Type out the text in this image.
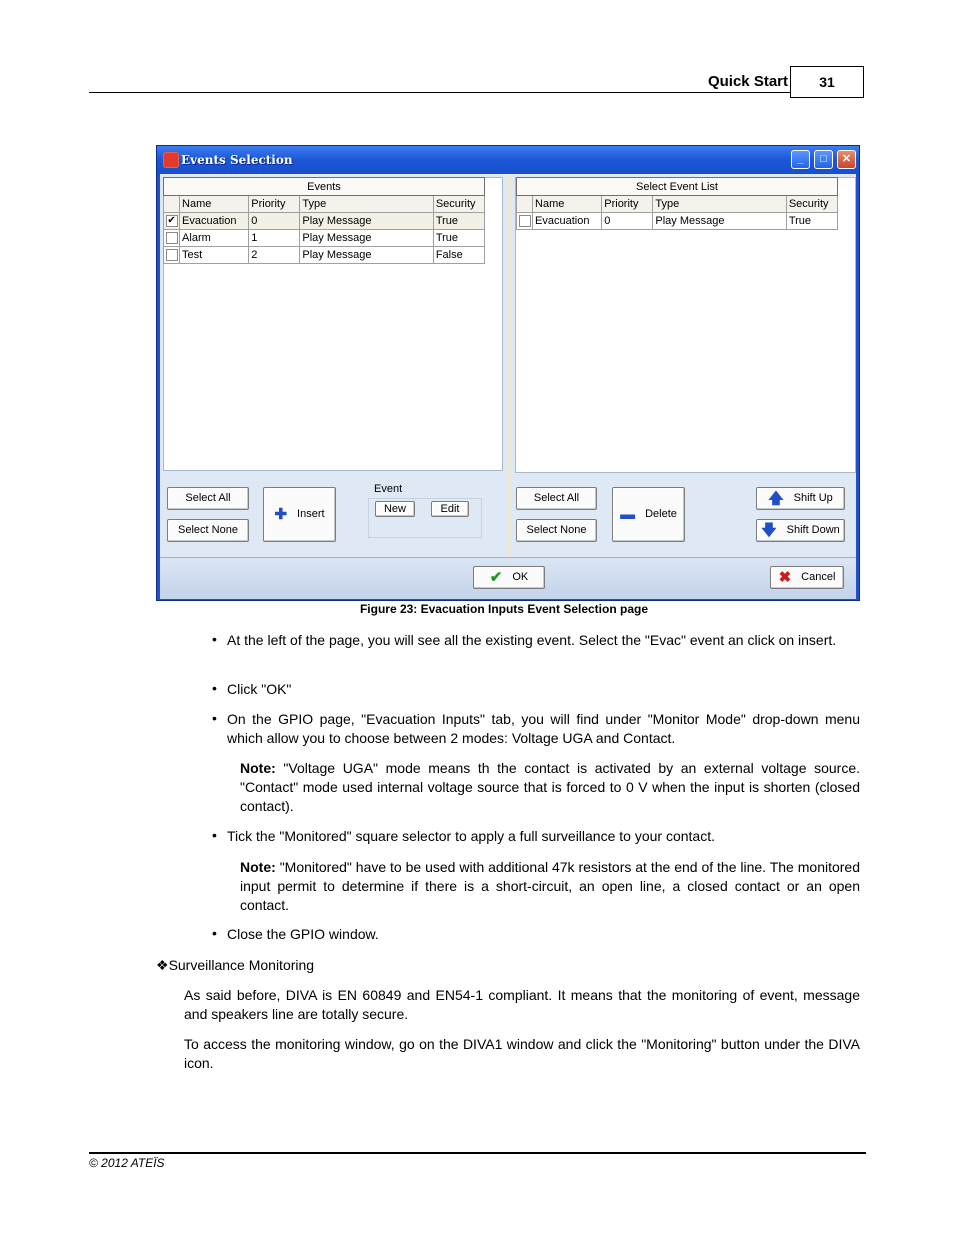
Quick Start	31
Events Selection	_	□	✕
Events				
	Name	Priority	Type	Security
✔	Evacuation	0	Play Message	True
	Alarm	1	Play Message	True
	Test	2	Play Message	False
Select Event List				
	Name	Priority	Type	Security
	Evacuation	0	Play Message	True
Select All
Select None
✚ Insert
Event
New	Edit
Select All
Select None
▬ Delete
🡅 Shift Up
🡇 Shift Down
✔ OK	✖ Cancel
Figure 23: Evacuation Inputs Event Selection page
• At the left of the page, you will see all the existing event. Select the "Evac" event an click on insert.
• Click "OK"
• On the GPIO page, "Evacuation Inputs" tab, you will find under "Monitor Mode" drop-down menu which allow you to choose between 2 modes: Voltage UGA and Contact.
Note: "Voltage UGA" mode means th the contact is activated by an external voltage source. "Contact" mode used internal voltage source that is forced to 0 V when the input is shorten (closed contact).
• Tick the "Monitored" square selector to apply a full surveillance to your contact.
Note: "Monitored" have to be used with additional 47k resistors at the end of the line. The monitored input permit to determine if there is a short-circuit, an open line, a closed contact or an open contact.
• Close the GPIO window.
❖Surveillance Monitoring
As said before, DIVA is EN 60849 and EN54-1 compliant. It means that the monitoring of event, message and speakers line are totally secure.
To access the monitoring window, go on the DIVA1 window and click the "Monitoring" button under the DIVA icon.
© 2012 ATEÏS
